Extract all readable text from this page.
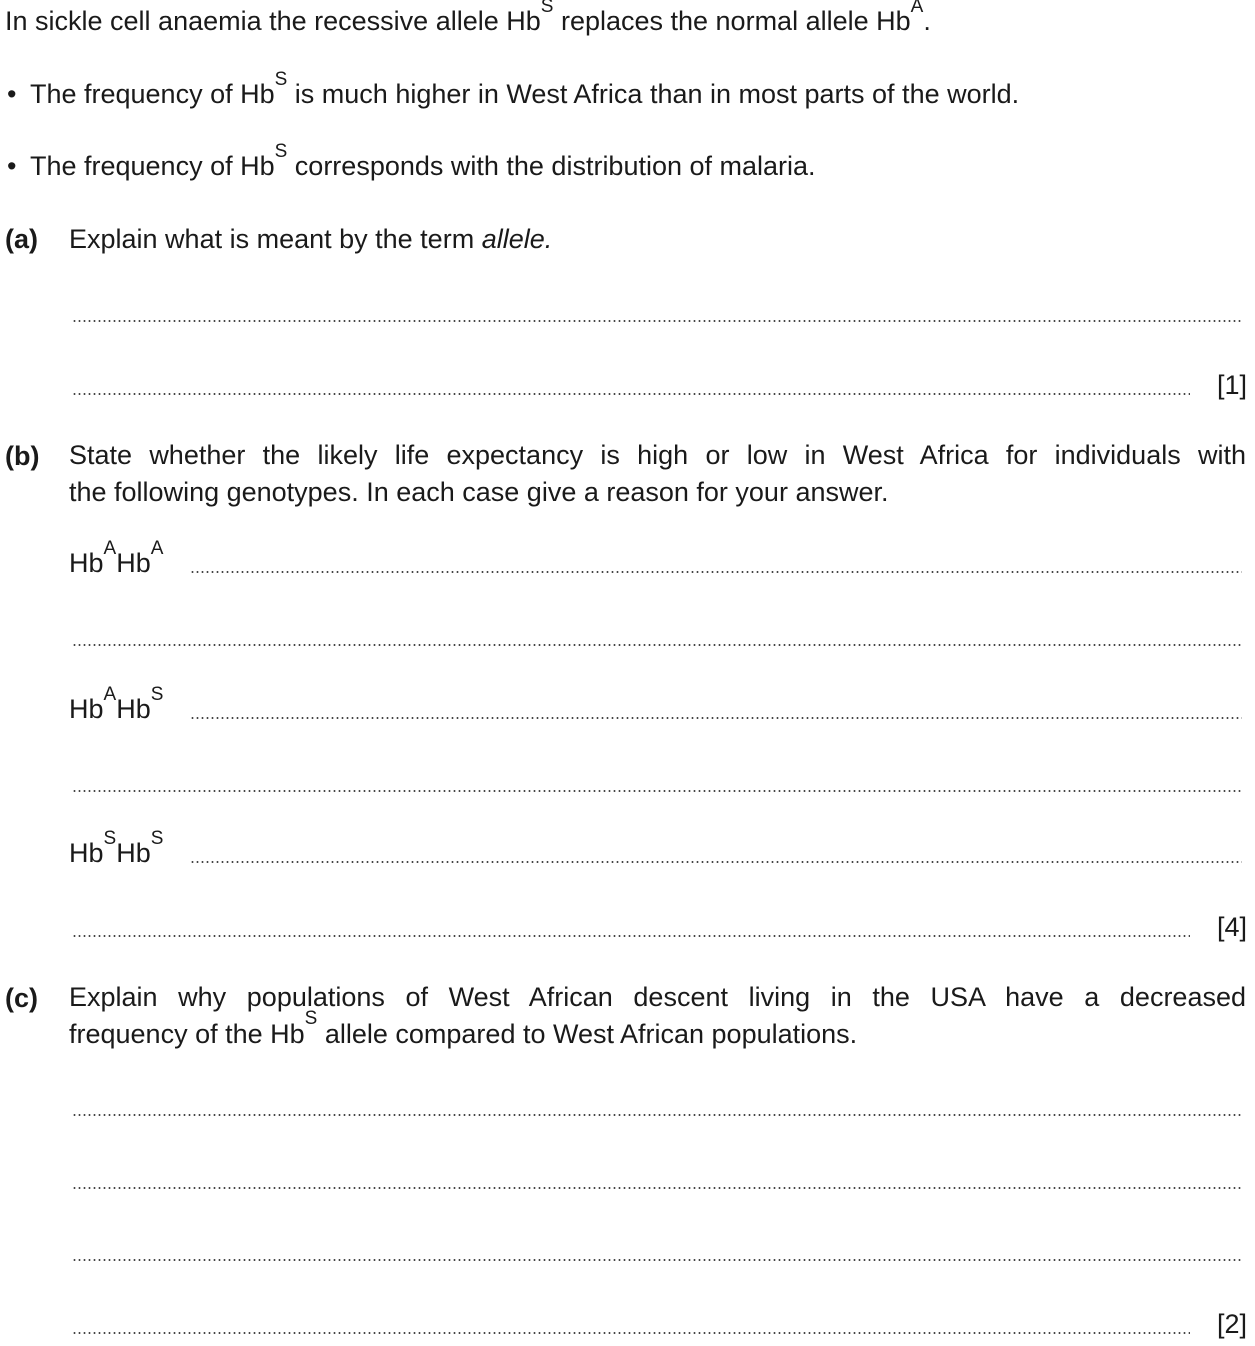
In sickle cell anaemia the recessive allele $Hb^S$ replaces the normal allele $Hb^A$.
• The frequency of $Hb^S$ is much higher in West Africa than in most parts of the world.
• The frequency of $Hb^S$ corresponds with the distribution of malaria.
(a) Explain what is meant by the term allele.
[1]
(b) State whether the likely life expectancy is high or low in West Africa for individuals with
the following genotypes. In each case give a reason for your answer.
$Hb^AHb^A$
$Hb^AHb^S$
$Hb^SHb^S$
[4]
(c) Explain why populations of West African descent living in the USA have a decreased
frequency of the $Hb^S$ allele compared to West African populations.
[2]
